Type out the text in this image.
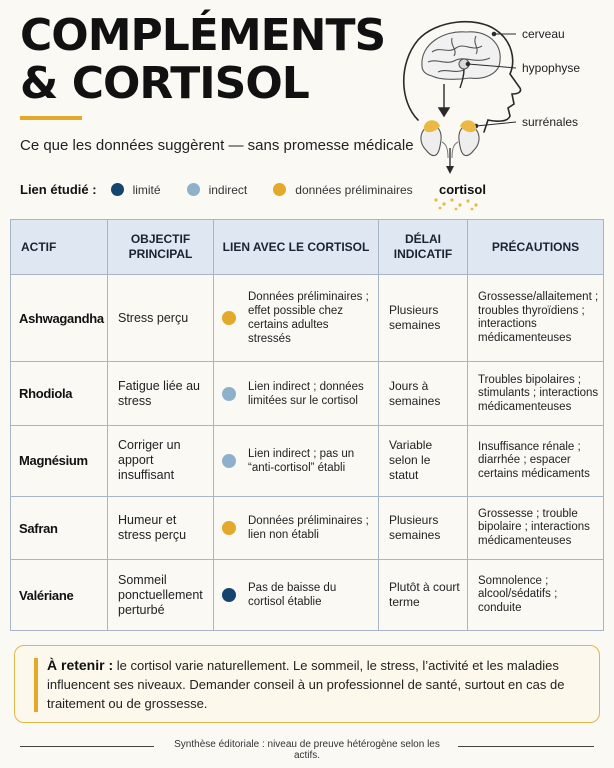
COMPLÉMENTS
& CORTISOL
Ce que les données suggèrent — sans promesse médicale
Lien étudié :	limité	indirect	données préliminaires
cerveau
hypophyse
surrénales
cortisol
ACTIF	OBJECTIF PRINCIPAL	LIEN AVEC LE CORTISOL	DÉLAI INDICATIF	PRÉCAUTIONS
Ashwagandha	Stress perçu	Données préliminaires ; effet possible chez certains adultes stressés	Plusieurs semaines	Grossesse/allaitement ; troubles thyroïdiens ; interactions médicamenteuses
Rhodiola	Fatigue liée au stress	Lien indirect ; données limitées sur le cortisol	Jours à semaines	Troubles bipolaires ; stimulants ; interactions médicamenteuses
Magnésium	Corriger un apport insuffisant	Lien indirect ; pas un “anti-cortisol” établi	Variable selon le statut	Insuffisance rénale ; diarrhée ; espacer certains médicaments
Safran	Humeur et stress perçu	Données préliminaires ; lien non établi	Plusieurs semaines	Grossesse ; trouble bipolaire ; interactions médicamenteuses
Valériane	Sommeil ponctuellement perturbé	Pas de baisse du cortisol établie	Plutôt à court terme	Somnolence ; alcool/sédatifs ; conduite
À retenir : le cortisol varie naturellement. Le sommeil, le stress, l’activité et les maladies influencent ses niveaux. Demander conseil à un professionnel de santé, surtout en cas de traitement ou de grossesse.
Synthèse éditoriale : niveau de preuve hétérogène selon les actifs.
